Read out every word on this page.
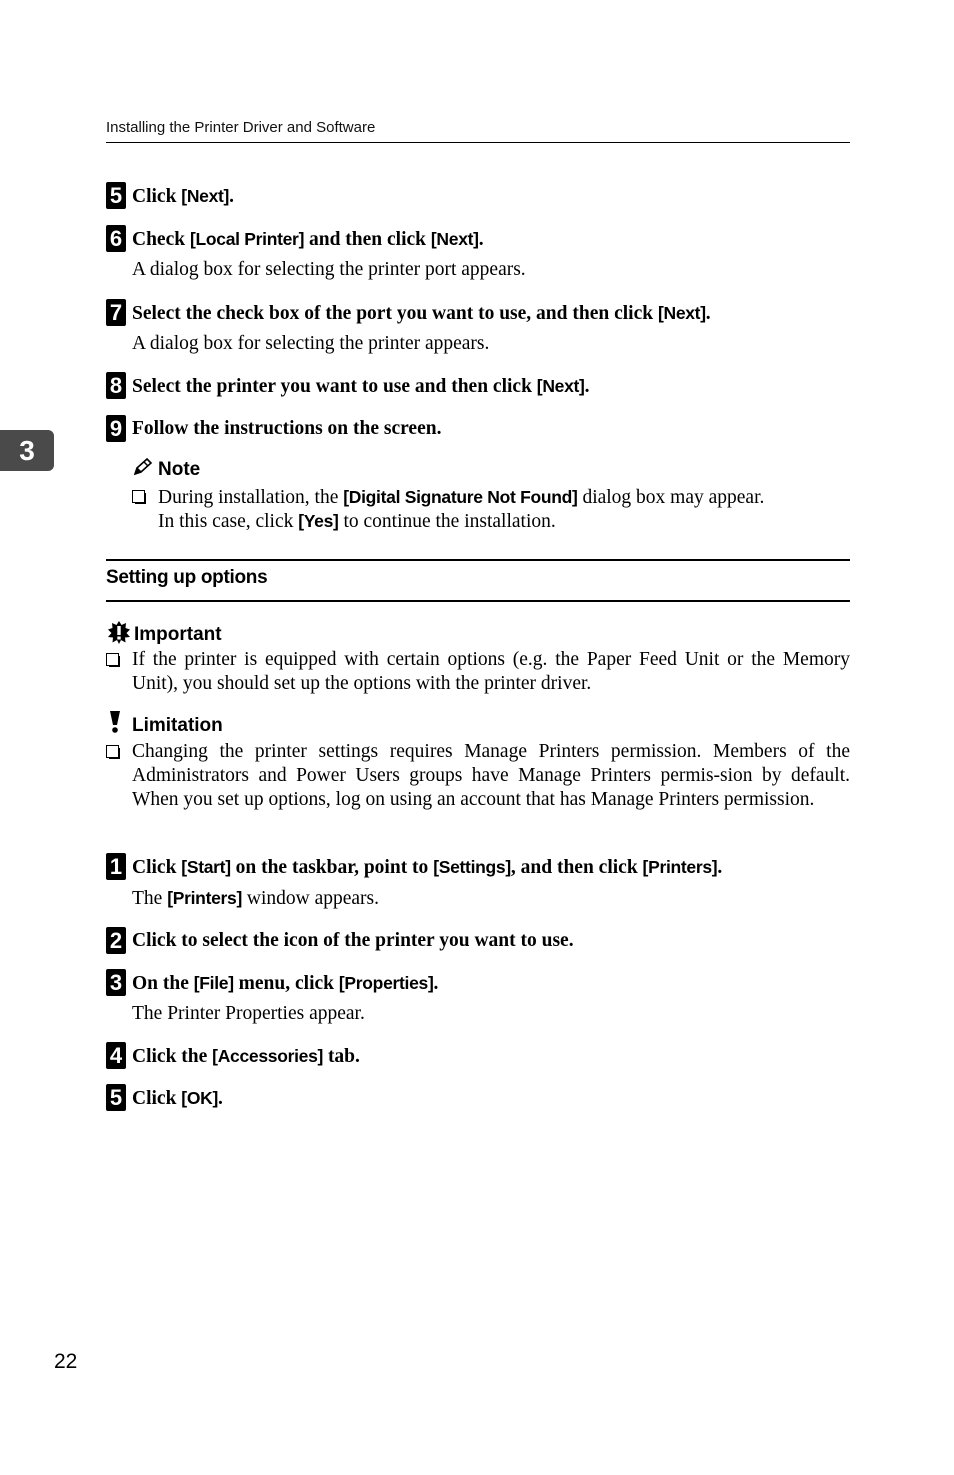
Installing the Printer Driver and Software
3
5 Click [Next].
6 Check [Local Printer] and then click [Next].
A dialog box for selecting the printer port appears.
7 Select the check box of the port you want to use, and then click [Next].
A dialog box for selecting the printer appears.
8 Select the printer you want to use and then click [Next].
9 Follow the instructions on the screen.
Note
During installation, the [Digital Signature Not Found] dialog box may appear.
In this case, click [Yes] to continue the installation.
Setting up options
Important
If the printer is equipped with certain options (e.g. the Paper Feed Unit or the Memory Unit), you should set up the options with the printer driver.
Limitation
Changing the printer settings requires Manage Printers permission. Members of the Administrators and Power Users groups have Manage Printers permis-sion by default. When you set up options, log on using an account that has Manage Printers permission.
1 Click [Start] on the taskbar, point to [Settings], and then click [Printers].
The [Printers] window appears.
2 Click to select the icon of the printer you want to use.
3 On the [File] menu, click [Properties].
The Printer Properties appear.
4 Click the [Accessories] tab.
5 Click [OK].
22
